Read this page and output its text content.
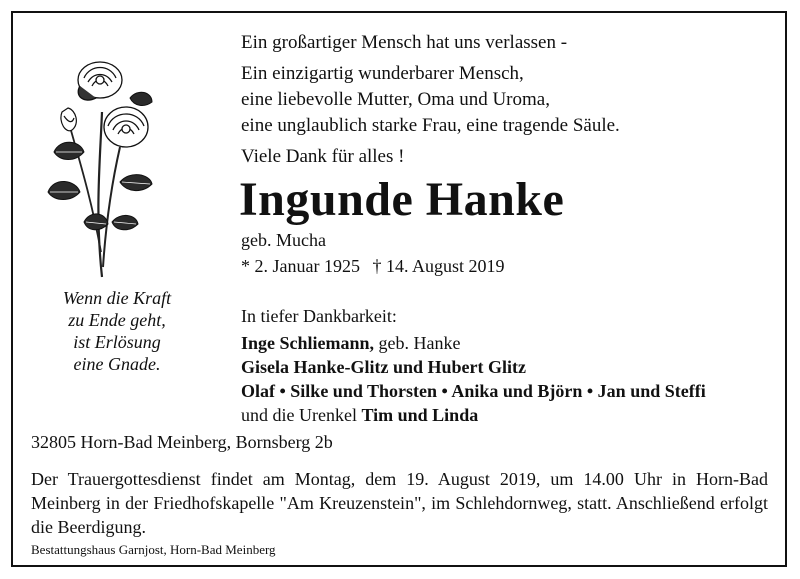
Ein großartiger Mensch hat uns verlassen -
Ein einzigartig wunderbarer Mensch,
eine liebevolle Mutter, Oma und Uroma,
eine unglaublich starke Frau, eine tragende Säule.
Viele Dank für alles !
Ingunde Hanke
geb. Mucha
* 2. Januar 1925 † 14. August 2019
Wenn die Kraft
zu Ende geht,
ist Erlösung
eine Gnade.
In tiefer Dankbarkeit:
Inge Schliemann, geb. Hanke
Gisela Hanke-Glitz und Hubert Glitz
Olaf • Silke und Thorsten • Anika und Björn • Jan und Steffi
und die Urenkel Tim und Linda
32805 Horn-Bad Meinberg, Bornsberg 2b
Der Trauergottesdienst findet am Montag, dem 19. August 2019, um 14.00 Uhr in Horn-Bad Meinberg in der Friedhofskapelle "Am Kreuzenstein", im Schlehdornweg, statt. Anschließend erfolgt die Beerdigung.
Bestattungshaus Garnjost, Horn-Bad Meinberg
